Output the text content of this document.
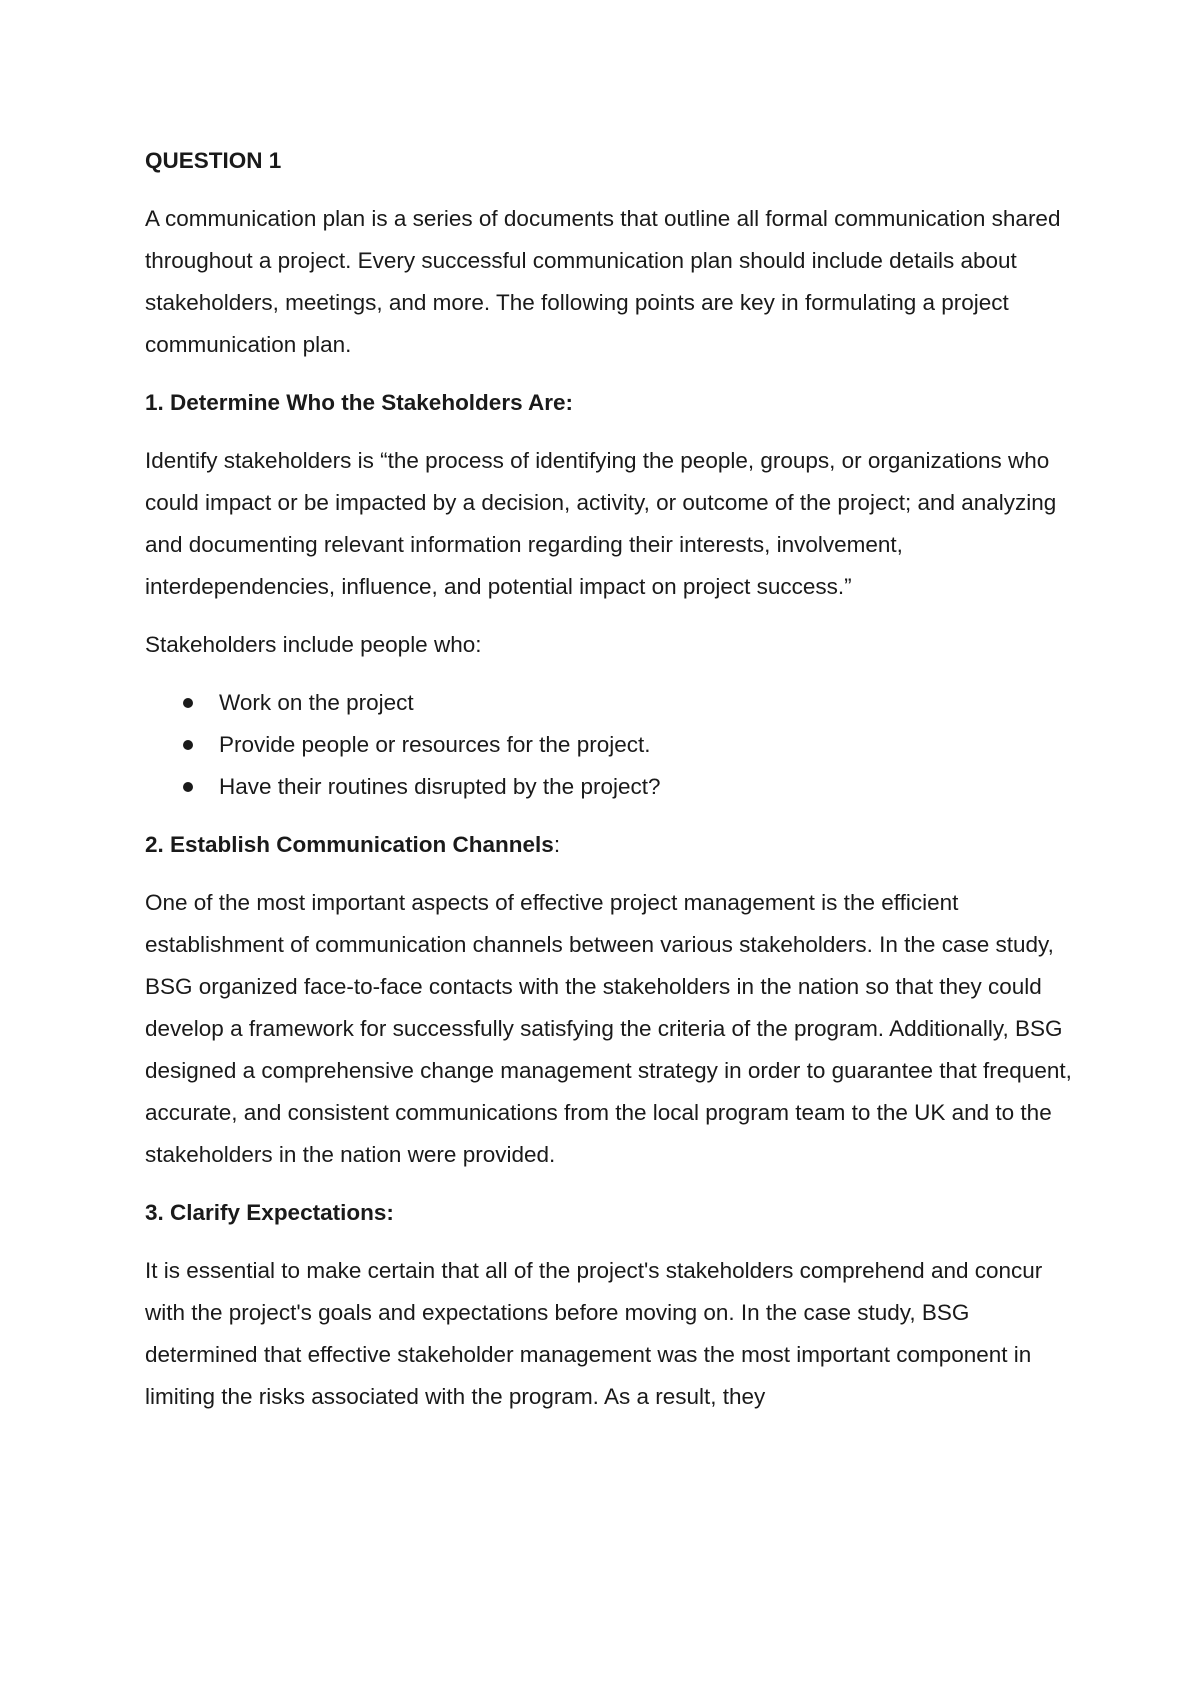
QUESTION 1

A communication plan is a series of documents that outline all formal communication shared throughout a project. Every successful communication plan should include details about stakeholders, meetings, and more. The following points are key in formulating a project communication plan.

1. Determine Who the Stakeholders Are:

Identify stakeholders is “the process of identifying the people, groups, or organizations who could impact or be impacted by a decision, activity, or outcome of the project; and analyzing and documenting relevant information regarding their interests, involvement, interdependencies, influence, and potential impact on project success.”

Stakeholders include people who:

Work on the project
Provide people or resources for the project.
Have their routines disrupted by the project?

2. Establish Communication Channels:

One of the most important aspects of effective project management is the efficient establishment of communication channels between various stakeholders. In the case study, BSG organized face-to-face contacts with the stakeholders in the nation so that they could develop a framework for successfully satisfying the criteria of the program. Additionally, BSG designed a comprehensive change management strategy in order to guarantee that frequent, accurate, and consistent communications from the local program team to the UK and to the stakeholders in the nation were provided.

3. Clarify Expectations:

It is essential to make certain that all of the project's stakeholders comprehend and concur with the project's goals and expectations before moving on. In the case study, BSG determined that effective stakeholder management was the most important component in limiting the risks associated with the program. As a result, they
